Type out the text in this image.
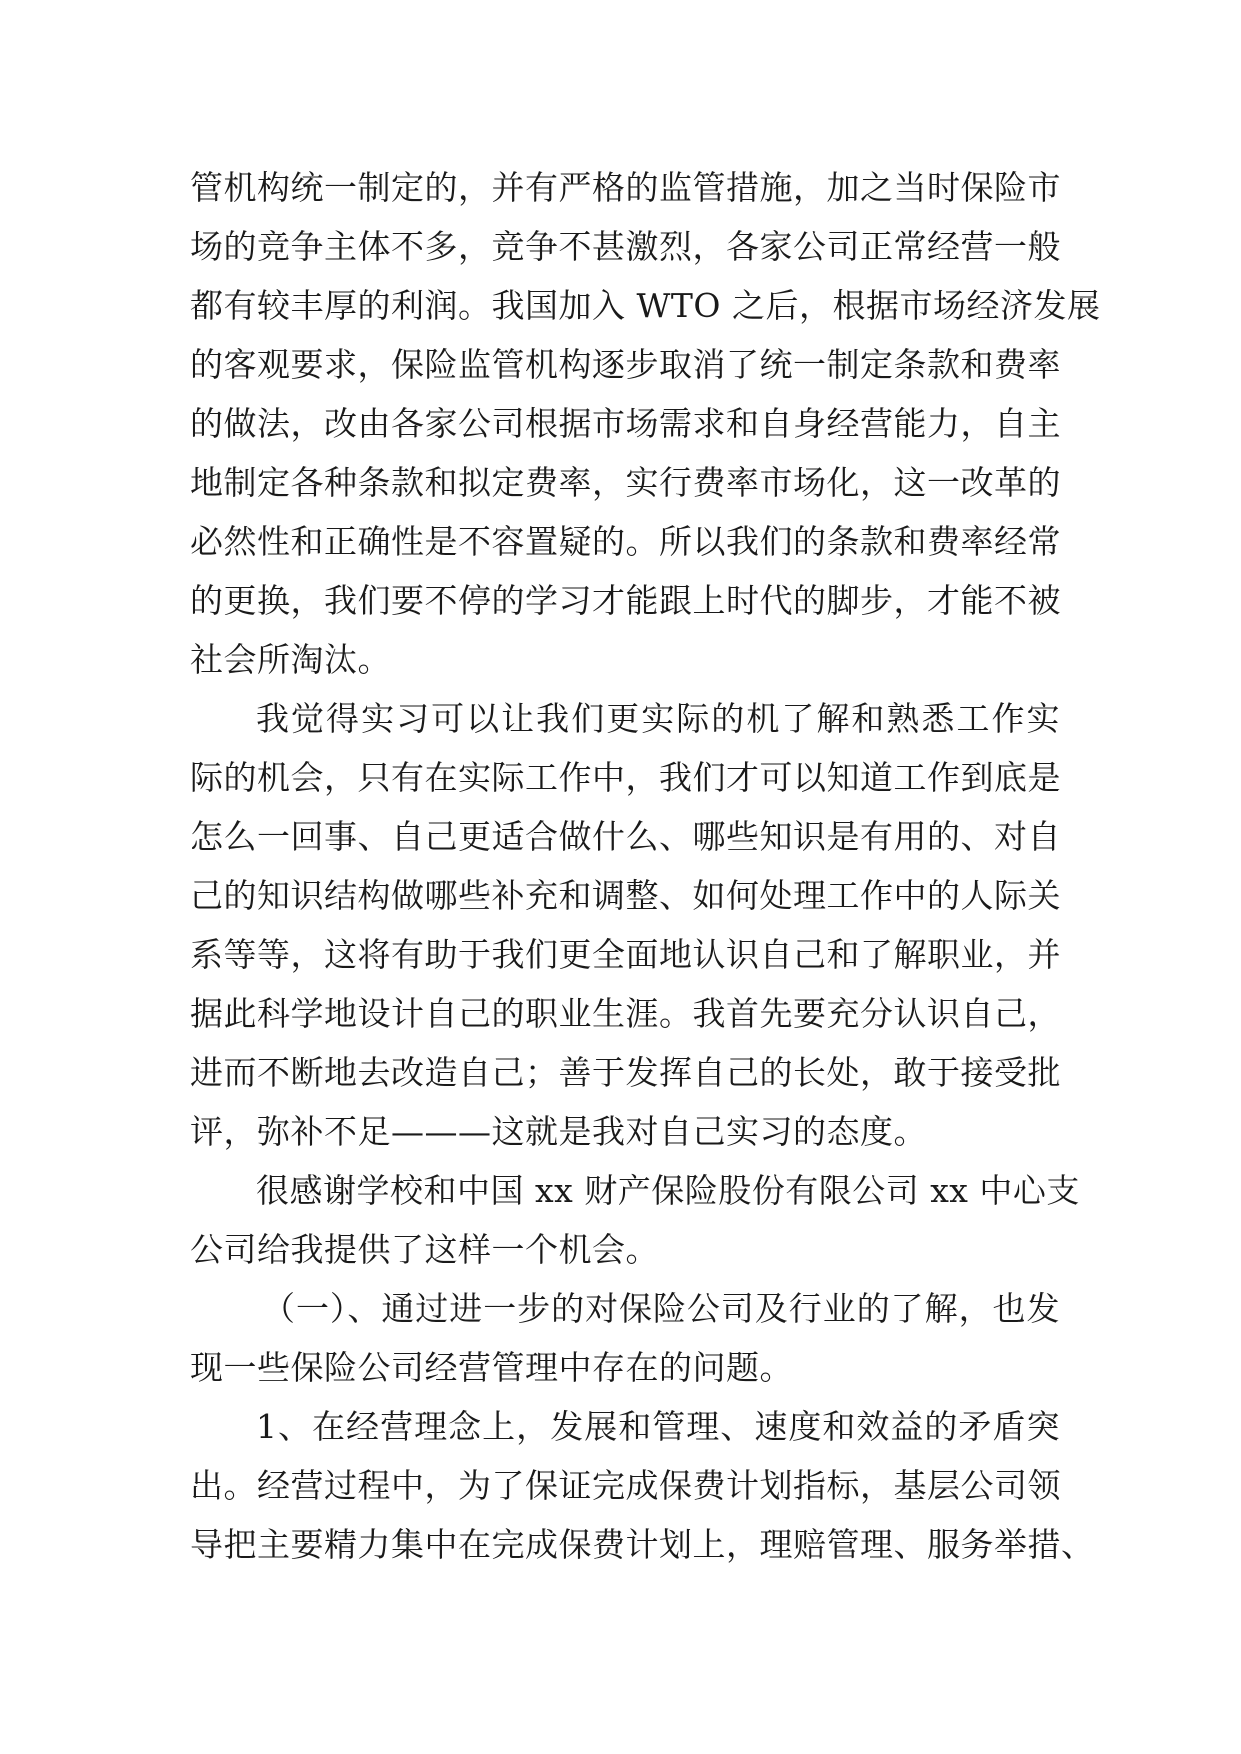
管机构统一制定的，并有严格的监管措施，加之当时保险市
场的竞争主体不多，竞争不甚激烈，各家公司正常经营一般
都有较丰厚的利润。我国加入 WTO 之后，根据市场经济发展
的客观要求，保险监管机构逐步取消了统一制定条款和费率
的做法，改由各家公司根据市场需求和自身经营能力，自主
地制定各种条款和拟定费率，实行费率市场化，这一改革的
必然性和正确性是不容置疑的。所以我们的条款和费率经常
的更换，我们要不停的学习才能跟上时代的脚步，才能不被
社会所淘汰。
我觉得实习可以让我们更实际的机了解和熟悉工作实
际的机会，只有在实际工作中，我们才可以知道工作到底是
怎么一回事、自己更适合做什么、哪些知识是有用的、对自
己的知识结构做哪些补充和调整、如何处理工作中的人际关
系等等，这将有助于我们更全面地认识自己和了解职业，并
据此科学地设计自己的职业生涯。我首先要充分认识自己，
进而不断地去改造自己；善于发挥自己的长处，敢于接受批
评，弥补不足———这就是我对自己实习的态度。
很感谢学校和中国 xx 财产保险股份有限公司 xx 中心支
公司给我提供了这样一个机会。
（一）、通过进一步的对保险公司及行业的了解，也发
现一些保险公司经营管理中存在的问题。
1、在经营理念上，发展和管理、速度和效益的矛盾突
出。经营过程中，为了保证完成保费计划指标，基层公司领
导把主要精力集中在完成保费计划上，理赔管理、服务举措、
